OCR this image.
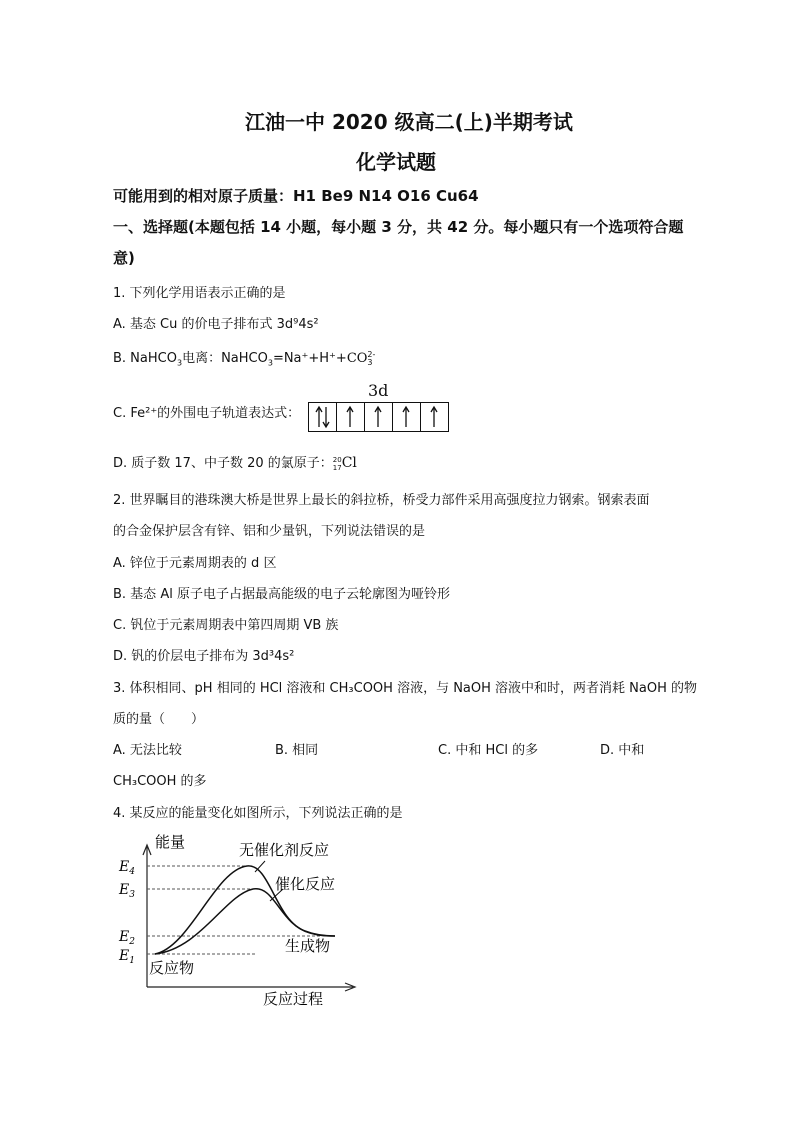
江油一中 2020 级高二(上)半期考试
化学试题
可能用到的相对原子质量：H1 Be9 N14 O16 Cu64
一、选择题(本题包括 14 小题，每小题 3 分，共 42 分。每小题只有一个选项符合题
意)
1. 下列化学用语表示正确的是
A. 基态 Cu 的价电子排布式 3d⁹4s²
B. NaHCO$_3$电离：NaHCO$_3$=Na⁺+H⁺+CO 2-
3
3d
C. Fe²⁺的外围电子轨道表达式：
D. 质子数 17、中子数 20 的氯原子： 20
17 Cl
2. 世界瞩目的港珠澳大桥是世界上最长的斜拉桥，桥受力部件采用高强度拉力钢索。钢索表面
的合金保护层含有锌、铝和少量钒，下列说法错误的是
A. 锌位于元素周期表的 d 区
B. 基态 Al 原子电子占据最高能级的电子云轮廓图为哑铃形
C. 钒位于元素周期表中第四周期 VB 族
D. 钒的价层电子排布为 3d³4s²
3. 体积相同、pH 相同的 HCl 溶液和 CH₃COOH 溶液，与 NaOH 溶液中和时，两者消耗 NaOH 的物
质的量（　　）
A. 无法比较	B. 相同	C. 中和 HCl 的多	D. 中和
CH₃COOH 的多
4. 某反应的能量变化如图所示，下列说法正确的是
能量
反应过程
无催化剂反应
催化反应
反应物
生成物
$E_4$
$E_3$
$E_2$
$E_1$
